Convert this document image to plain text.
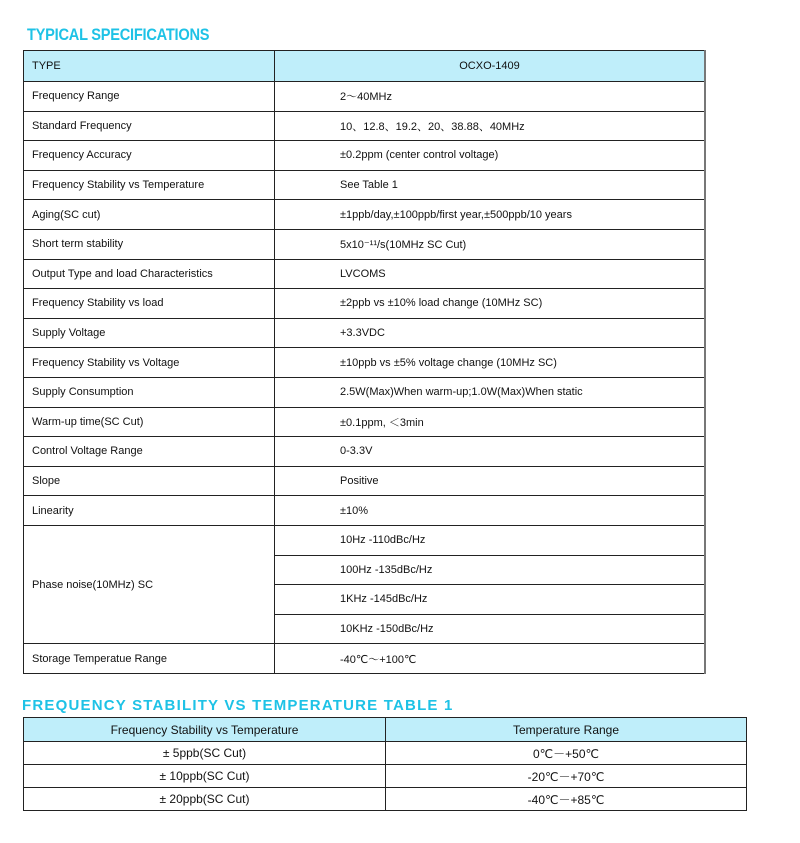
TYPICAL SPECIFICATIONS
TYPE	OCXO-1409
Frequency Range	2～40MHz
Standard Frequency	10、12.8、19.2、20、38.88、40MHz
Frequency Accuracy	±0.2ppm (center control voltage)
Frequency Stability vs Temperature	See Table 1
Aging(SC cut)	±1ppb/day,±100ppb/first year,±500ppb/10 years
Short term stability	5x10⁻¹¹/s(10MHz SC Cut)
Output Type and load Characteristics	LVCOMS
Frequency Stability vs load	±2ppb vs ±10% load change (10MHz SC)
Supply Voltage	+3.3VDC
Frequency Stability vs Voltage	±10ppb vs ±5% voltage change (10MHz SC)
Supply Consumption	2.5W(Max)When warm-up;1.0W(Max)When static
Warm-up time(SC Cut)	±0.1ppm, ＜3min
Control Voltage Range	0-3.3V
Slope	Positive
Linearity	±10%
Phase noise(10MHz) SC	10Hz -110dBc/Hz
	100Hz -135dBc/Hz
	1KHz -145dBc/Hz
	10KHz -150dBc/Hz
Storage Temperatue Range	-40℃～+100℃
FREQUENCY STABILITY VS TEMPERATURE TABLE 1
Frequency Stability vs Temperature	Temperature Range
± 5ppb(SC Cut)	0℃－+50℃
± 10ppb(SC Cut)	-20℃－+70℃
± 20ppb(SC Cut)	-40℃－+85℃
